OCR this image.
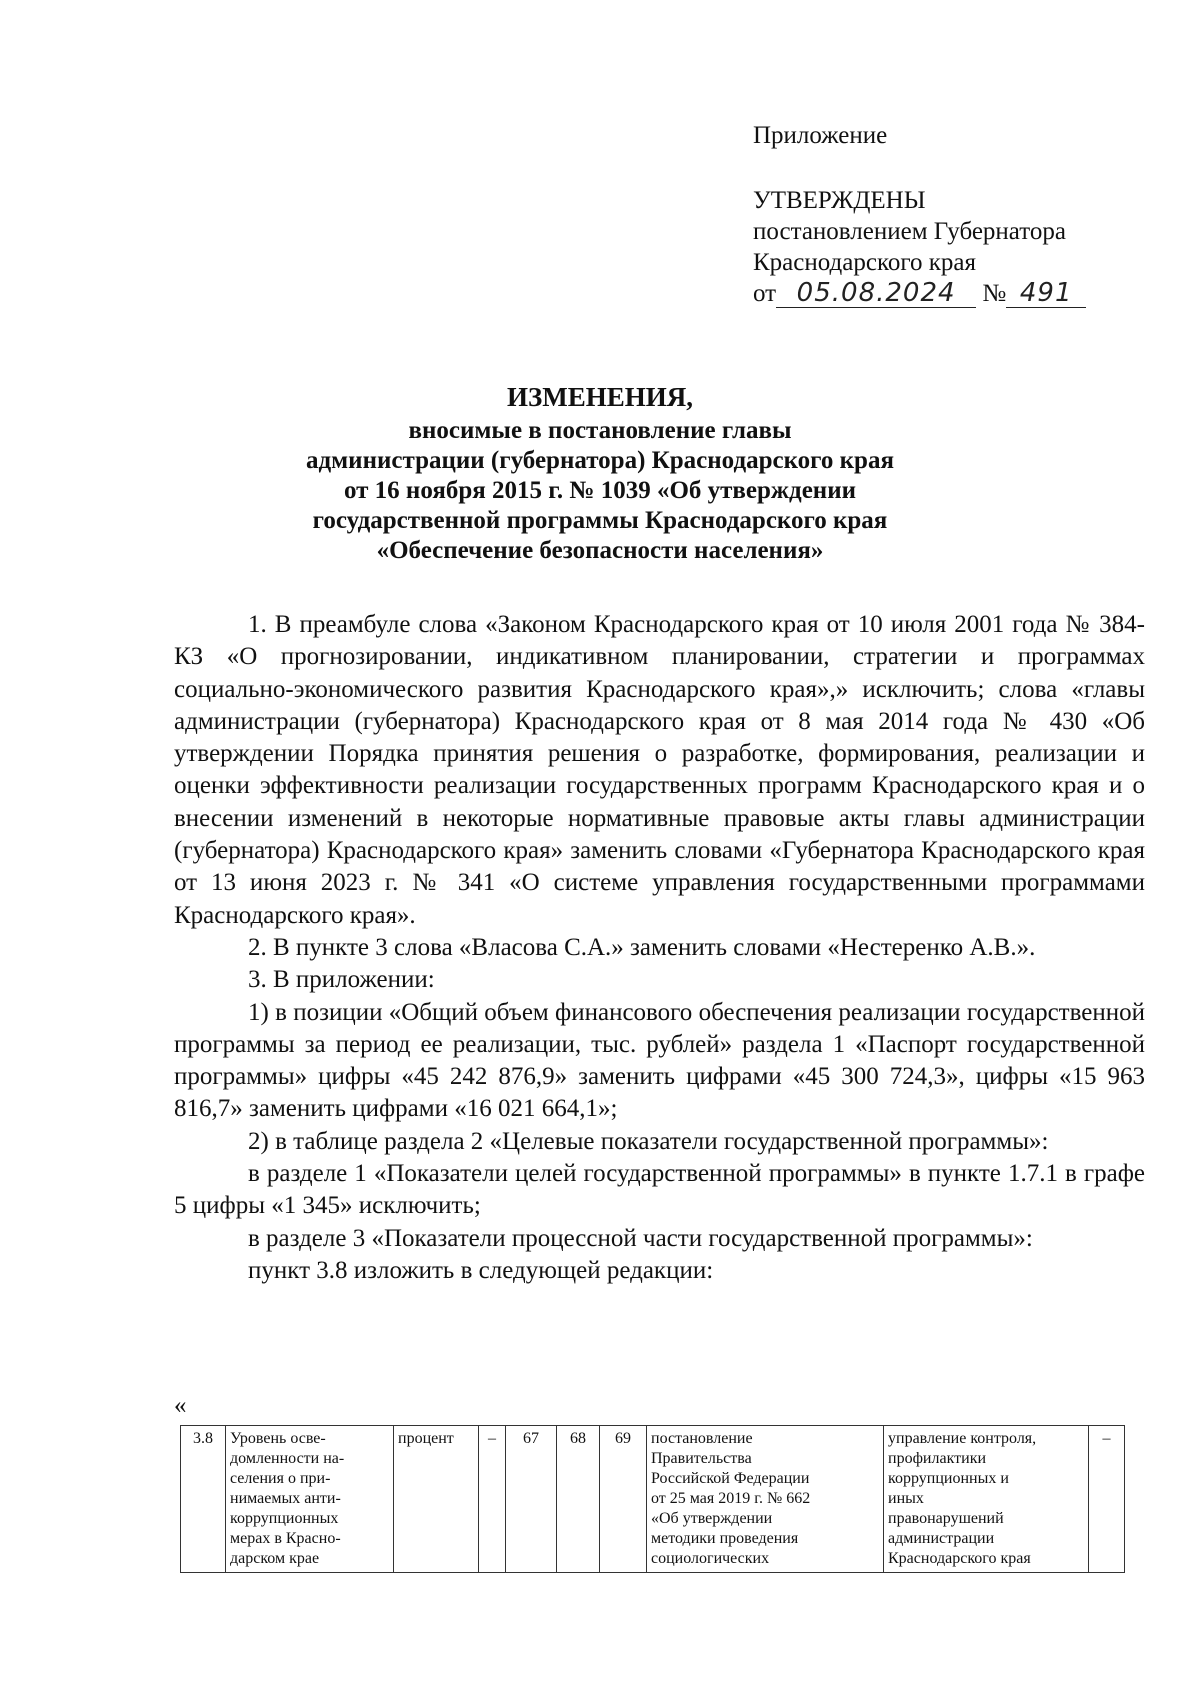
Приложение
УТВЕРЖДЕНЫ
постановлением Губернатора
Краснодарского края
от 05.08.2024 № 491
ИЗМЕНЕНИЯ,
вносимые в постановление главы
администрации (губернатора) Краснодарского края
от 16 ноября 2015 г. № 1039 «Об утверждении
государственной программы Краснодарского края
«Обеспечение безопасности населения»

1. В преамбуле слова «Законом Краснодарского края от 10 июля 2001 года № 384-КЗ «О прогнозировании, индикативном планировании, стратегии и программах социально-экономического развития Краснодарского края»,» исключить; слова «главы администрации (губернатора) Краснодарского края от 8 мая 2014 года № 430 «Об утверждении Порядка принятия решения о разработке, формирования, реализации и оценки эффективности реализации государственных программ Краснодарского края и о внесении изменений в некоторые нормативные правовые акты главы администрации (губернатора) Краснодарского края» заменить словами «Губернатора Краснодарского края от 13 июня 2023 г. № 341 «О системе управления государственными программами Краснодарского края».

2. В пункте 3 слова «Власова С.А.» заменить словами «Нестеренко А.В.».

3. В приложении:

1) в позиции «Общий объем финансового обеспечения реализации государственной программы за период ее реализации, тыс. рублей» раздела 1 «Паспорт государственной программы» цифры «45 242 876,9» заменить цифрами «45 300 724,3», цифры «15 963 816,7» заменить цифрами «16 021 664,1»;

2) в таблице раздела 2 «Целевые показатели государственной программы»:

в разделе 1 «Показатели целей государственной программы» в пункте 1.7.1 в графе 5 цифры «1 345» исключить;

в разделе 3 «Показатели процессной части государственной программы»:

пункт 3.8 изложить в следующей редакции:

«
3.8	Уровень осве-
домленности на-
селения о при-
нимаемых анти-
коррупционных
мерах в Красно-
дарском крае	процент	–	67	68	69	постановление
Правительства
Российской Федерации
от 25 мая 2019 г. № 662
«Об утверждении
методики проведения
социологических	управление контроля,
профилактики
коррупционных и
иных
правонарушений
администрации
Краснодарского края	–
